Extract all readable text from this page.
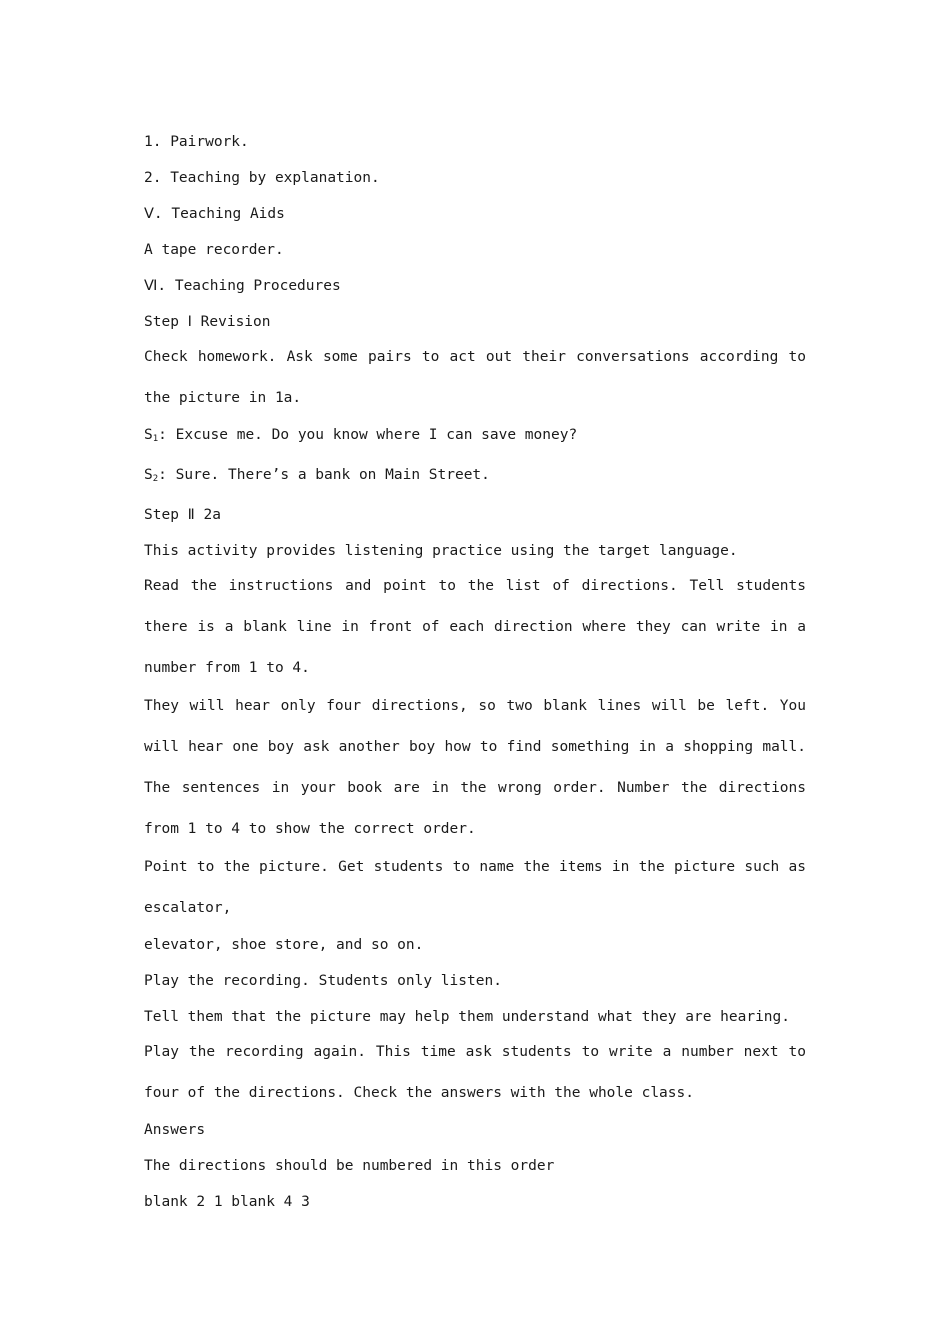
1. Pairwork.
2. Teaching by explanation.
Ⅴ. Teaching Aids
A tape recorder.
Ⅵ. Teaching Procedures
Step Ⅰ Revision
Check homework. Ask some pairs to act out their conversations according to the picture in 1a.
$S_1$: Excuse me. Do you know where I can save money?
$S_2$: Sure. There’s a bank on Main Street.
Step Ⅱ 2a
This activity provides listening practice using the target language.
Read the instructions and point to the list of directions. Tell students there is a blank line in front of each direction where they can write in a number from 1 to 4.
They will hear only four directions, so two blank lines will be left. You will hear one boy ask another boy how to find something in a shopping mall. The sentences in your book are in the wrong order. Number the directions from 1 to 4 to show the correct order.
Point to the picture. Get students to name the items in the picture such as escalator,
elevator, shoe store, and so on.
Play the recording. Students only listen.
Tell them that the picture may help them understand what they are hearing.
Play the recording again. This time ask students to write a number next to four of the directions. Check the answers with the whole class.
Answers
The directions should be numbered in this order
blank 2 1 blank 4 3
